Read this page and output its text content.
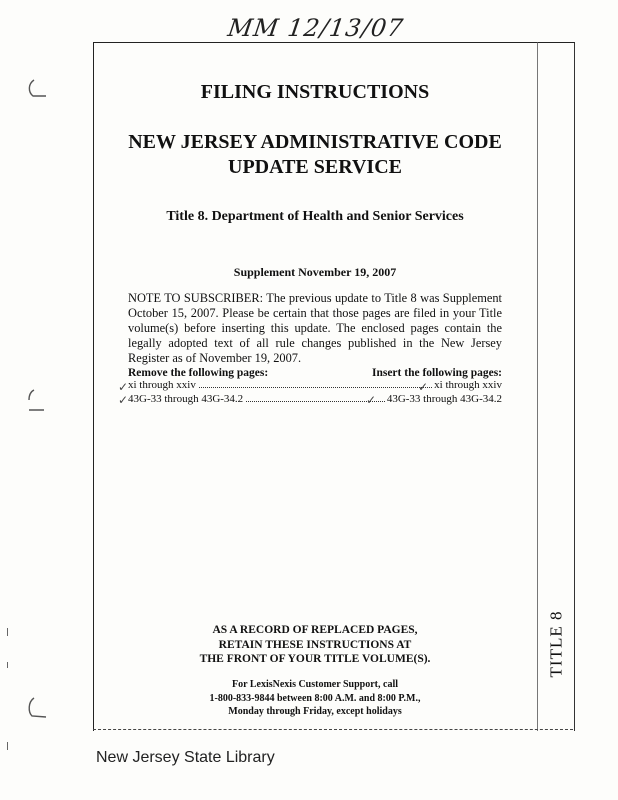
MM 12/13/07
TITLE 8
FILING INSTRUCTIONS
NEW JERSEY ADMINISTRATIVE CODE
UPDATE SERVICE
Title 8. Department of Health and Senior Services
Supplement November 19, 2007
NOTE TO SUBSCRIBER: The previous update to Title 8 was Supplement October 15, 2007. Please be certain that those pages are filed in your Title volume(s) before inserting this update. The enclosed pages contain the legally adopted text of all rule changes published in the New Jersey Register as of November 19, 2007.
Remove the following pages:	Insert the following pages:
xi through xxiv	xi through xxiv
43G-33 through 43G-34.2	43G-33 through 43G-34.2
✓
✓
✓
✓
AS A RECORD OF REPLACED PAGES,
RETAIN THESE INSTRUCTIONS AT
THE FRONT OF YOUR TITLE VOLUME(S).
For LexisNexis Customer Support, call
1-800-833-9844 between 8:00 A.M. and 8:00 P.M.,
Monday through Friday, except holidays
New Jersey State Library
